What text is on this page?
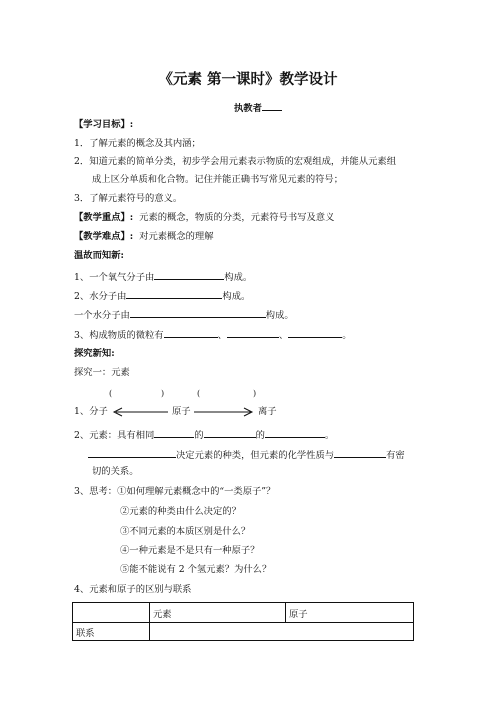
《元素 第一课时》教学设计
执教者
【学习目标】:
1．了解元素的概念及其内涵；
2．知道元素的简单分类，初步学会用元素表示物质的宏观组成，并能从元素组
成上区分单质和化合物。记住并能正确书写常见元素的符号；
3．了解元素符号的意义。
【教学重点】: 元素的概念，物质的分类，元素符号书写及意义
【教学难点】: 对元素概念的理解
温故而知新:
1、一个氧气分子由	构成。
2、水分子由	构成。
一个水分子由	构成。
3、构成物质的微粒有	、	、	。
探究新知:
探究一：元素
(	)	(	)
1、分子	原子	离子
2、元素：具有相同	的	的	。
决定元素的种类，但元素的化学性质与	有密
切的关系。
3、思考：①如何理解元素概念中的“一类原子”？
②元素的种类由什么决定的？
③不同元素的本质区别是什么？
④一种元素是不是只有一种原子？
⑤能不能说有 2 个氢元素？为什么？
4、元素和原子的区别与联系
	元素	原子
联系		
